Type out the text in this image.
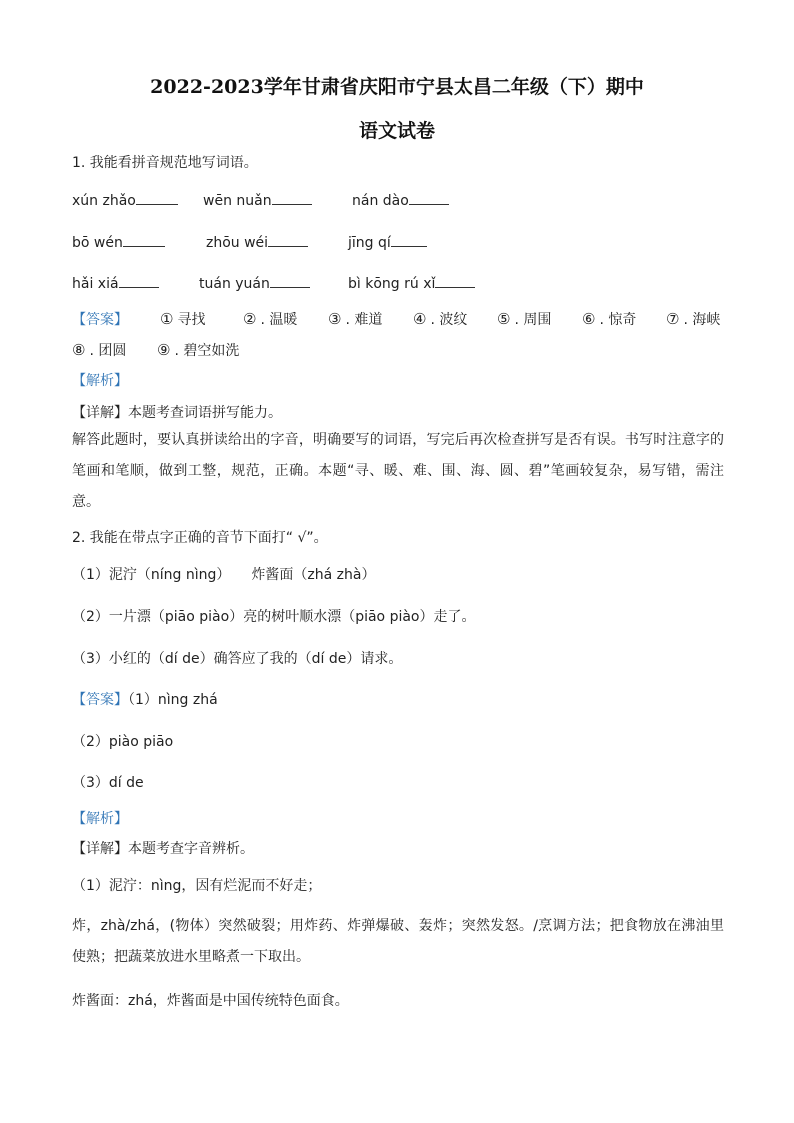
2022-2023学年甘肃省庆阳市宁县太昌二年级（下）期中
语文试卷
1. 我能看拼音规范地写词语。
xún zhǎo	wēn nuǎn	nán dào
bō wén	zhōu wéi	jīng qí
hǎi xiá	tuán yuán	bì kōng rú xǐ
【答案】 ① 寻找	② . 温暖 ③ . 难道 ④ . 波纹 ⑤ . 周围 ⑥ . 惊奇 ⑦ . 海峡
⑧ . 团圆 ⑨ . 碧空如洗
【解析】
【详解】本题考查词语拼写能力。
解答此题时，要认真拼读给出的字音，明确要写的词语，写完后再次检查拼写是否有误。书写时注意字的笔画和笔顺，做到工整，规范，正确。本题“寻、暖、难、围、海、圆、碧”笔画较复杂，易写错，需注意。
2. 我能在带点字正确的音节下面打“ √”。
（1）泥泞（níng nìng）　　炸酱面（zhá zhà）
（2）一片漂（piāo piào）亮的树叶顺水漂（piāo piào）走了。
（3）小红的（dí de）确答应了我的（dí de）请求。
【答案】（1）nìng zhá
（2）piào piāo
（3）dí de
【解析】
【详解】本题考查字音辨析。
（1）泥泞：nìng，因有烂泥而不好走；
炸，zhà/zhá，(物体）突然破裂；用炸药、炸弹爆破、轰炸；突然发怒。/烹调方法；把食物放在沸油里使熟；把蔬菜放进水里略煮一下取出。
炸酱面：zhá，炸酱面是中国传统特色面食。
